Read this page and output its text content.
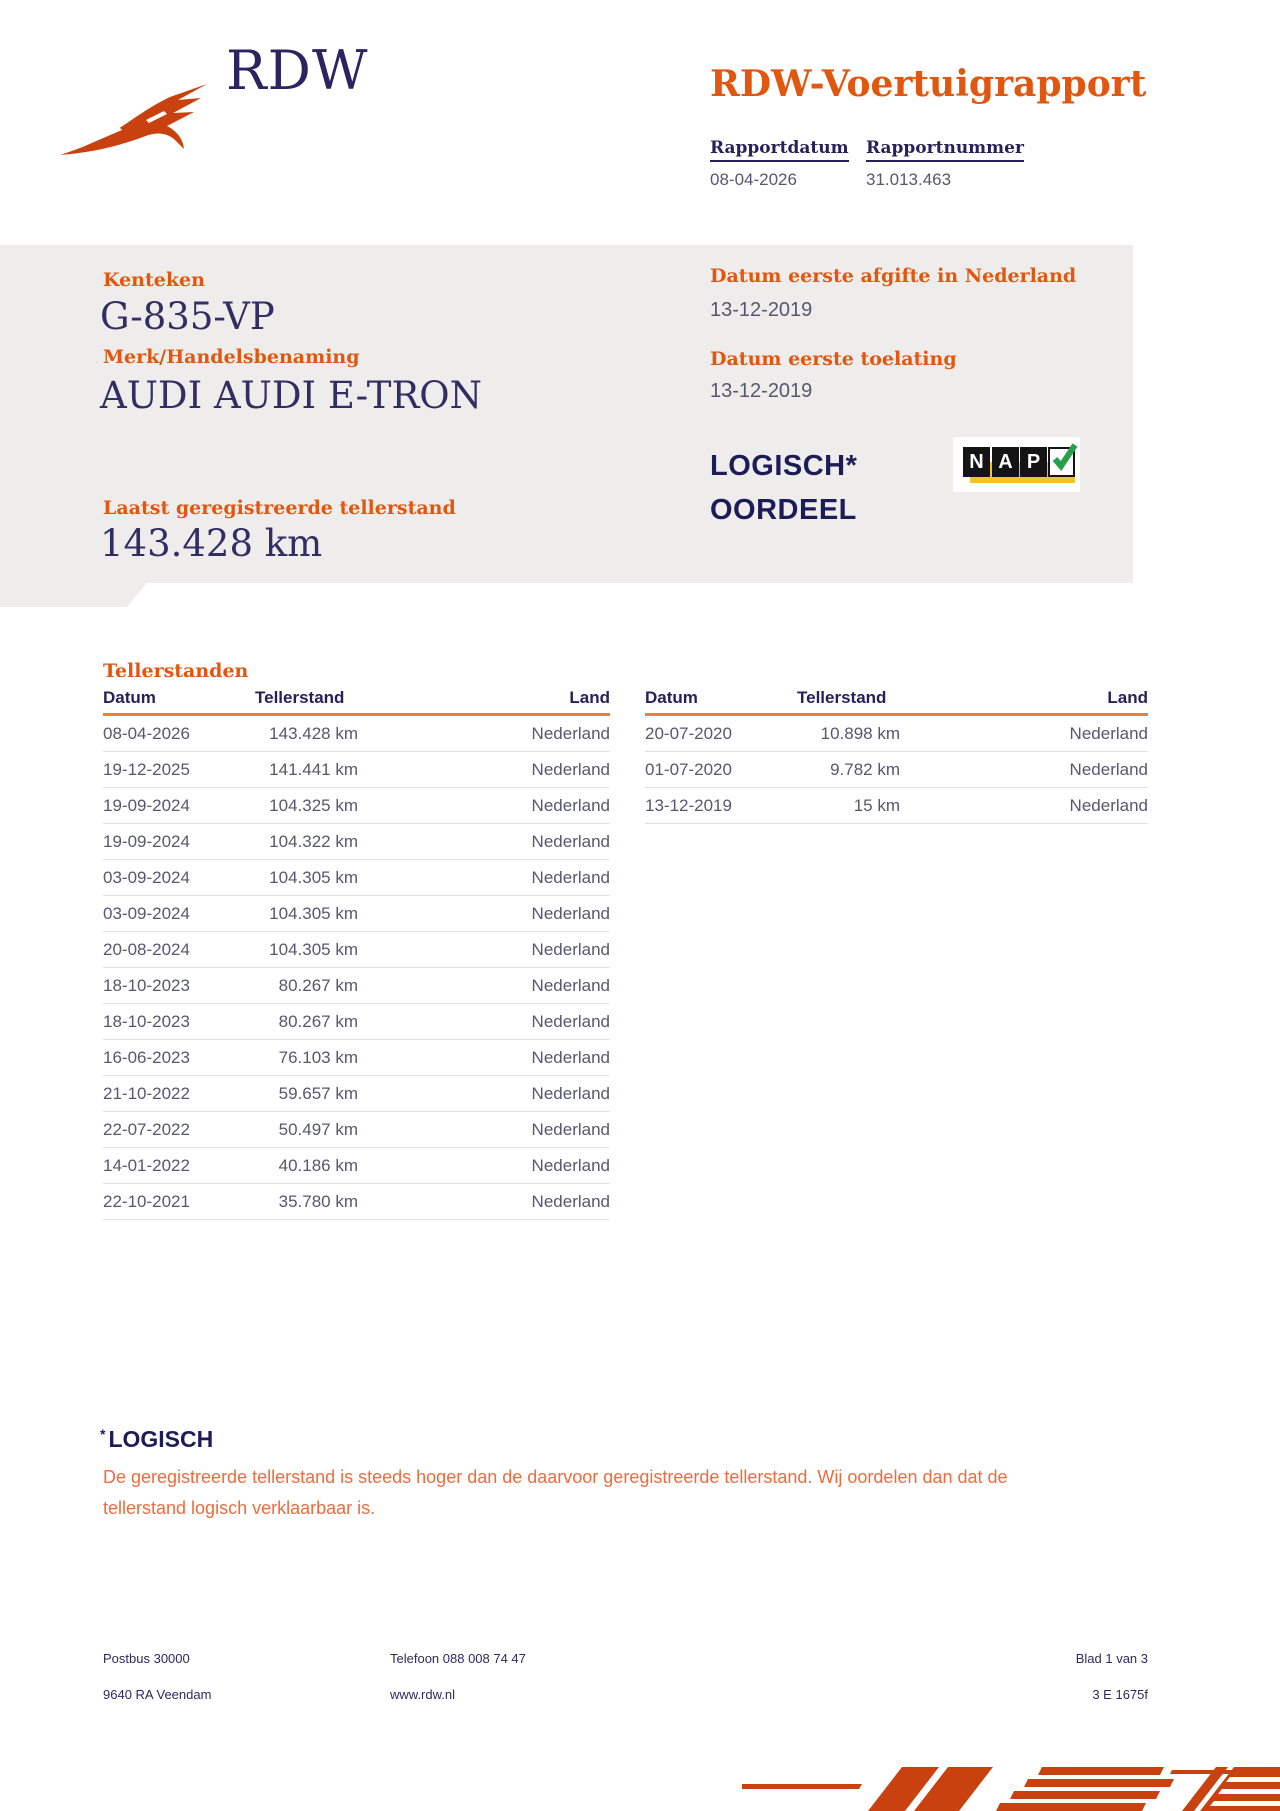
RDW	RDW-Voertuigrapport
Rapportdatum Rapportnummer
08-04-2026	31.013.463
Kenteken
G-835-VP
Merk/Handelsbenaming
AUDI AUDI E-TRON
Datum eerste afgifte in Nederland
13-12-2019
Datum eerste toelating
13-12-2019
LOGISCH*
OORDEEL
N A P
Laatst geregistreerde tellerstand
143.428 km
Tellerstanden
Datum	Tellerstand	Land
08-04-2026	143.428 km	Nederland
19-12-2025	141.441 km	Nederland
19-09-2024	104.325 km	Nederland
19-09-2024	104.322 km	Nederland
03-09-2024	104.305 km	Nederland
03-09-2024	104.305 km	Nederland
20-08-2024	104.305 km	Nederland
18-10-2023	80.267 km	Nederland
18-10-2023	80.267 km	Nederland
16-06-2023	76.103 km	Nederland
21-10-2022	59.657 km	Nederland
22-07-2022	50.497 km	Nederland
14-01-2022	40.186 km	Nederland
22-10-2021	35.780 km	Nederland
Datum	Tellerstand	Land
20-07-2020	10.898 km	Nederland
01-07-2020	9.782 km	Nederland
13-12-2019	15 km	Nederland
* LOGISCH
De geregistreerde tellerstand is steeds hoger dan de daarvoor geregistreerde tellerstand. Wij oordelen dan dat de tellerstand logisch verklaarbaar is.
Postbus 30000
9640 RA Veendam
Telefoon 088 008 74 47
www.rdw.nl
Blad 1 van 3
3 E 1675f
